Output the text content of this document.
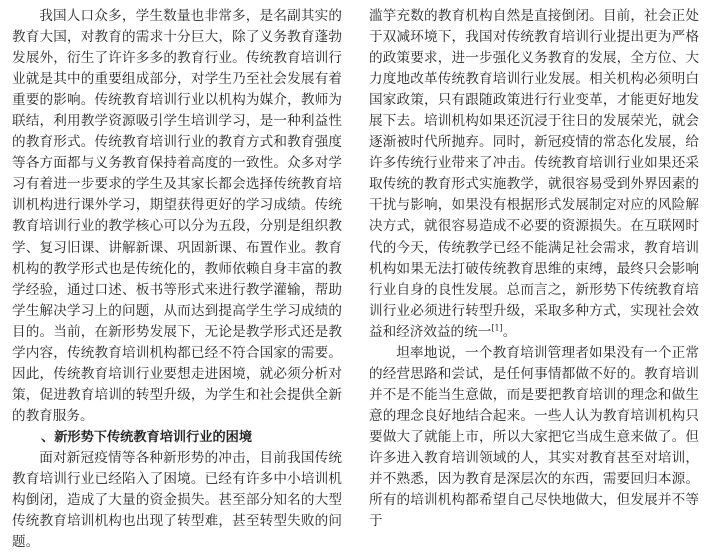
我国人口众多，学生数量也非常多，是名副其实的教育大国，对教育的需求十分巨大，除了义务教育蓬勃发展外，衍生了许许多多的教育行业。传统教育培训行业就是其中的重要组成部分，对学生乃至社会发展有着重要的影响。传统教育培训行业以机构为媒介，教师为联结，利用教学资源吸引学生培训学习，是一种利益性的教育形式。传统教育培训行业的教育方式和教育强度等各方面都与义务教育保持着高度的一致性。众多对学习有着进一步要求的学生及其家长都会选择传统教育培训机构进行课外学习，期望获得更好的学习成绩。传统教育培训行业的教学核心可以分为五段，分别是组织教学、复习旧课、讲解新课、巩固新课、布置作业。教育机构的教学形式也是传统化的，教师依赖自身丰富的教学经验，通过口述、板书等形式来进行教学灌输，帮助学生解决学习上的问题，从而达到提高学生学习成绩的目的。当前，在新形势发展下，无论是教学形式还是教学内容，传统教育培训机构都已经不符合国家的需要。因此，传统教育培训行业要想走进困境，就必须分析对策，促进教育培训的转型升级，为学生和社会提供全新的教育服务。

、新形势下传统教育培训行业的困境

面对新冠疫情等各种新形势的冲击，目前我国传统教育培训行业已经陷入了困境。已经有许多中小培训机构倒闭，造成了大量的资金损失。甚至部分知名的大型传统教育培训机构也出现了转型难，甚至转型失败的问题。

滥竽充数的教育机构自然是直接倒闭。目前，社会正处于双减环境下，我国对传统教育培训行业提出更为严格的政策要求，进一步强化义务教育的发展，全方位、大力度地改革传统教育培训行业发展。相关机构必须明白国家政策，只有跟随政策进行行业变革，才能更好地发展下去。培训机构如果还沉浸于往日的发展荣光，就会逐渐被时代所抛弃。同时，新冠疫情的常态化发展，给许多传统行业带来了冲击。传统教育培训行业如果还采取传统的教育形式实施教学，就很容易受到外界因素的干扰与影响，如果没有根据形式发展制定对应的风险解决方式，就很容易造成不必要的资源损失。在互联网时代的今天，传统教学已经不能满足社会需求，教育培训机构如果无法打破传统教育思维的束缚，最终只会影响行业自身的良性发展。总而言之，新形势下传统教育培训行业必须进行转型升级，采取多种方式，实现社会效益和经济效益的统一[1]。

坦率地说，一个教育培训管理者如果没有一个正常的经营思路和尝试，是任何事情都做不好的。教育培训并不是不能当生意做，而是要把教育培训的理念和做生意的理念良好地结合起来。一些人认为教育培训机构只要做大了就能上市，所以大家把它当成生意来做了。但许多进入教育培训领域的人，其实对教育甚至对培训，并不熟悉，因为教育是深层次的东西，需要回归本源。所有的培训机构都希望自己尽快地做大，但发展并不等于
